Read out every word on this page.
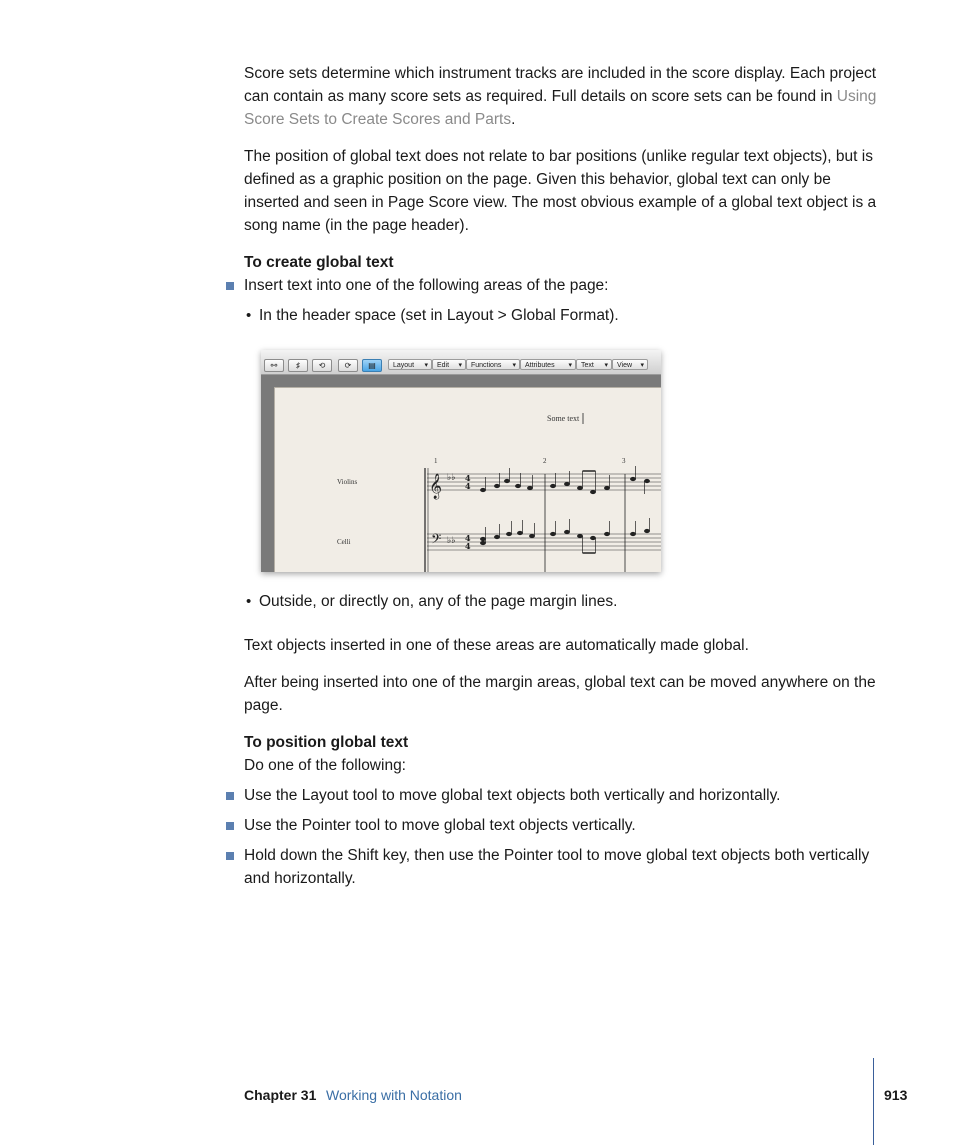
Score sets determine which instrument tracks are included in the score display. Each project can contain as many score sets as required. Full details on score sets can be found in Using Score Sets to Create Scores and Parts.

The position of global text does not relate to bar positions (unlike regular text objects), but is defined as a graphic position on the page. Given this behavior, global text can only be inserted and seen in Page Score view. The most obvious example of a global text object is a song name (in the page header).

To create global text

Insert text into one of the following areas of the page:

• In the header space (set in Layout > Global Format).

⚯	♯	⟲	⟳	▤	Layout ▾	Edit ▾	Functions ▾	Attributes ▾	Text ▾	View ▾
Some text
1	2	3
Violins
Celli
𝄞
𝄢
♭♭
♭♭
4
4
4
4
• Outside, or directly on, any of the page margin lines.

Text objects inserted in one of these areas are automatically made global.

After being inserted into one of the margin areas, global text can be moved anywhere on the page.

To position global text

Do one of the following:

Use the Layout tool to move global text objects both vertically and horizontally.

Use the Pointer tool to move global text objects vertically.

Hold down the Shift key, then use the Pointer tool to move global text objects both vertically and horizontally.

Chapter 31 Working with Notation	913
